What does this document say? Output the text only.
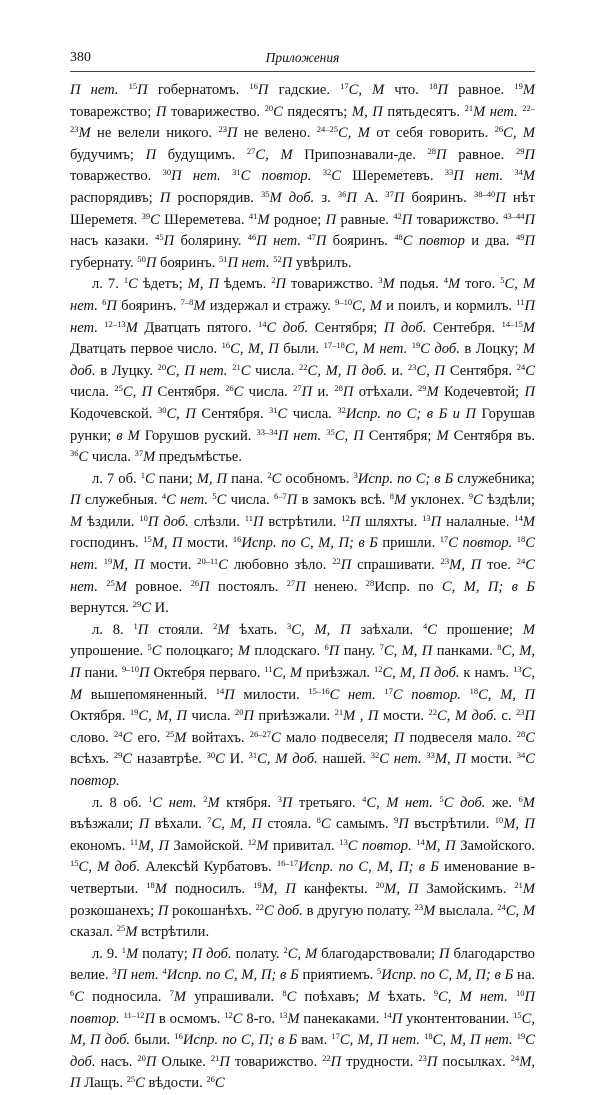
380	Приложения

П нет. $^{15}$П гобернатомъ. $^{16}$П гадские. $^{17}$С, М что. $^{18}$П равное. $^{19}$М товарежство; П товарижество. $^{20}$С пядесятъ; М, П пятьдесятъ. $^{21}$М нет. $^{22-23}$М не велели никого. $^{23}$П не велено. $^{24-25}$С, М от себя говорить. $^{26}$С, М будучимъ; П будущимъ. $^{27}$С, М Припознавали-де. $^{28}$П равное. $^{29}$П товаржество. $^{30}$П нет. $^{31}$С повтор. $^{32}$С Шереметевъ. $^{33}$П нет. $^{34}$М распорядивъ; П роспорядив. $^{35}$М доб. з. $^{36}$П А. $^{37}$П бояринъ. $^{38-40}$П нѣт Шереметя. $^{39}$С Шереметева. $^{41}$М родное; П равные. $^{42}$П товарижство. $^{43-44}$П насъ казаки. $^{45}$П болярину. $^{46}$П нет. $^{47}$П бояринъ. $^{48}$С повтор и два. $^{49}$П губернату. $^{50}$П бояринъ. $^{51}$П нет. $^{52}$П увѣрилъ.

л. 7. $^1$С ѣдетъ; М, П ѣдемъ. $^2$П товарижство. $^3$М подья. $^4$М того. $^5$С, М нет. $^6$П бояринъ. $^{7-8}$М издержал и стражу. $^{9-10}$С, М и поилъ, и кормилъ. $^{11}$П нет. $^{12-13}$М Дватцать пятого. $^{14}$С доб. Сентября; П доб. Сентебря. $^{14-15}$М Дватцать первое число. $^{16}$С, М, П были. $^{17-18}$С, М нет. $^{19}$С доб. в Лоцку; М доб. в Луцку. $^{20}$С, П нет. $^{21}$С числа. $^{22}$С, М, П доб. и. $^{23}$С, П Сентября. $^{24}$С числа. $^{25}$С, П Сентября. $^{26}$С числа. $^{27}$П и. $^{28}$П отѣхали. $^{29}$М Кодечевтой; П Кодочевской. $^{30}$С, П Сентября. $^{31}$С числа. $^{32}$Испр. по С; в Б и П Горушав рунки; в М Горушов руский. $^{33-34}$П нет. $^{35}$С, П Сентября; М Сентября въ. $^{36}$С числа. $^{37}$М предъмѣстье.

л. 7 об. $^1$С пани; М, П пана. $^2$С особномъ. $^3$Испр. по С; в Б служебника; П служебныя. $^4$С нет. $^5$С числа. $^{6-7}$П в замокъ всѣ. $^8$М уклонех. $^9$С ѣздѣли; М ѣздили. $^{10}$П доб. слѣзли. $^{11}$П встрѣтили. $^{12}$П шляхты. $^{13}$П налалные. $^{14}$М господинъ. $^{15}$М, П мости. $^{16}$Испр. по С, М, П; в Б пришли. $^{17}$С повтор. $^{18}$С нет. $^{19}$М, П мости. $^{20-11}$С любовно зѣло. $^{22}$П спрашивати. $^{23}$М, П тое. $^{24}$С нет. $^{25}$М ровное. $^{26}$П постоялъ. $^{27}$П ненею. $^{28}$Испр. по С, М, П; в Б вернутся. $^{29}$С И.

л. 8. $^1$П стояли. $^2$М ѣхать. $^3$С, М, П заѣхали. $^4$С прошение; М упрошение. $^5$С полоцкаго; М плодскаго. $^6$П пану. $^7$С, М, П панками. $^8$С, М, П пани. $^{9-10}$П Октебря перваго. $^{11}$С, М приѣзжал. $^{12}$С, М, П доб. к намъ. $^{13}$С, М вышепомяненный. $^{14}$П милости. $^{15-16}$С нет. $^{17}$С повтор. $^{18}$С, М, П Октября. $^{19}$С, М, П числа. $^{20}$П приѣзжали. $^{21}$М , П мости. $^{22}$С, М доб. с. $^{23}$П слово. $^{24}$С его. $^{25}$М войтахъ. $^{26-27}$С мало подвеселя; П подвеселя мало. $^{28}$С всѣхъ. $^{29}$С назавтрѣе. $^{30}$С И. $^{31}$С, М доб. нашей. $^{32}$С нет. $^{33}$М, П мости. $^{34}$С повтор.

л. 8 об. $^1$С нет. $^2$М ктября. $^3$П третьяго. $^4$С, М нет. $^5$С доб. же. $^6$М въѣзжали; П вѣхали. $^7$С, М, П стояла. $^8$С самымъ. $^9$П въстрѣтили. $^{10}$М, П економъ. $^{11}$М, П Замойской. $^{12}$М привитал. $^{13}$С повтор. $^{14}$М, П Замойского. $^{15}$С, М доб. Алексѣй Курбатовъ. $^{16-17}$Испр. по С, М, П; в Б именование в-четвертыи. $^{18}$М подносилъ. $^{19}$М, П канфекты. $^{20}$М, П Замойскимъ. $^{21}$М розкошанехъ; П рокошанѣхъ. $^{22}$С доб. в другую полату. $^{23}$М выслала. $^{24}$С, М сказал. $^{25}$М встрѣтили.

л. 9. $^1$М полату; П доб. полату. $^2$С, М благодарствовали; П благодарство велие. $^3$П нет. $^4$Испр. по С, М, П; в Б приятиемъ. $^5$Испр. по С, М, П; в Б на. $^6$С подносила. $^7$М упрашивали. $^8$С поѣхавъ; М ѣхать. $^9$С, М нет. $^{10}$П повтор. $^{11-12}$П в осмомъ. $^{12}$С 8-го. $^{13}$М панекаками. $^{14}$П уконтентовании. $^{15}$С, М, П доб. были. $^{16}$Испр. по С, П; в Б вам. $^{17}$С, М, П нет. $^{18}$С, М, П нет. $^{19}$С доб. насъ. $^{20}$П Олыке. $^{21}$П товарижство. $^{22}$П трудности. $^{23}$П посылках. $^{24}$М, П Лащъ. $^{25}$С вѣдости. $^{26}$С
